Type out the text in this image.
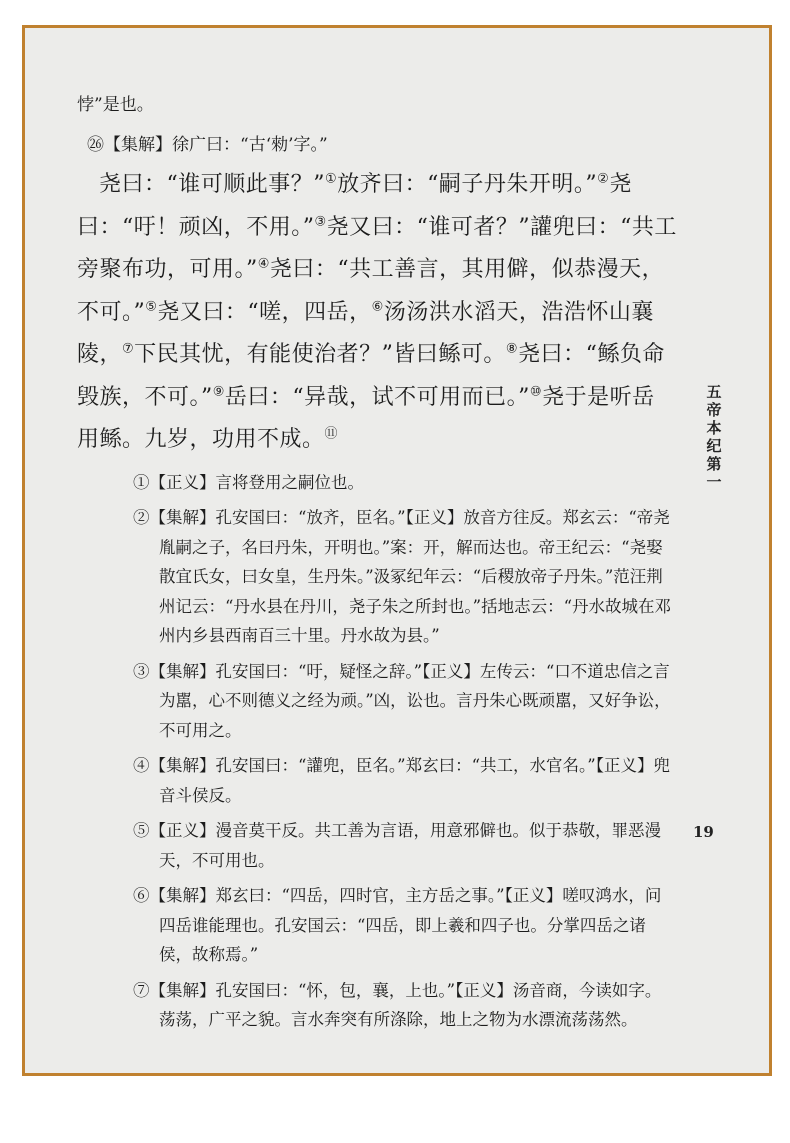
悖”是也。

㉖【集解】徐广曰：“古‘勑’字。”

尧曰：“谁可顺此事？”①放齐曰：“嗣子丹朱开明。”②尧曰：“吁！顽凶，不用。”③尧又曰：“谁可者？”讙兜曰：“共工旁聚布功，可用。”④尧曰：“共工善言，其用僻，似恭漫天，不可。”⑤尧又曰：“嗟，四岳，⑥汤汤洪水滔天，浩浩怀山襄陵，⑦下民其忧，有能使治者？”皆曰鲧可。⑧尧曰：“鲧负命毁族，不可。”⑨岳曰：“异哉，试不可用而已。”⑩尧于是听岳用鲧。九岁，功用不成。⑪

①【正义】言将登用之嗣位也。

②【集解】孔安国曰：“放齐，臣名。”【正义】放音方往反。郑玄云：“帝尧胤嗣之子，名曰丹朱，开明也。”案：开，解而达也。帝王纪云：“尧娶散宜氏女，曰女皇，生丹朱。”汲冢纪年云：“后稷放帝子丹朱。”范汪荆州记云：“丹水县在丹川，尧子朱之所封也。”括地志云：“丹水故城在邓州内乡县西南百三十里。丹水故为县。”

③【集解】孔安国曰：“吁，疑怪之辞。”【正义】左传云：“口不道忠信之言为嚚，心不则德义之经为顽。”凶，讼也。言丹朱心既顽嚚，又好争讼，不可用之。

④【集解】孔安国曰：“讙兜，臣名。”郑玄曰：“共工，水官名。”【正义】兜音斗侯反。

⑤【正义】漫音莫干反。共工善为言语，用意邪僻也。似于恭敬，罪恶漫天，不可用也。

⑥【集解】郑玄曰：“四岳，四时官，主方岳之事。”【正义】嗟叹鸿水，问四岳谁能理也。孔安国云：“四岳，即上羲和四子也。分掌四岳之诸侯，故称焉。”

⑦【集解】孔安国曰：“怀，包，襄，上也。”【正义】汤音商，今读如字。荡荡，广平之貌。言水奔突有所涤除，地上之物为水漂流荡荡然。

五
帝
本
纪
第
一
19
